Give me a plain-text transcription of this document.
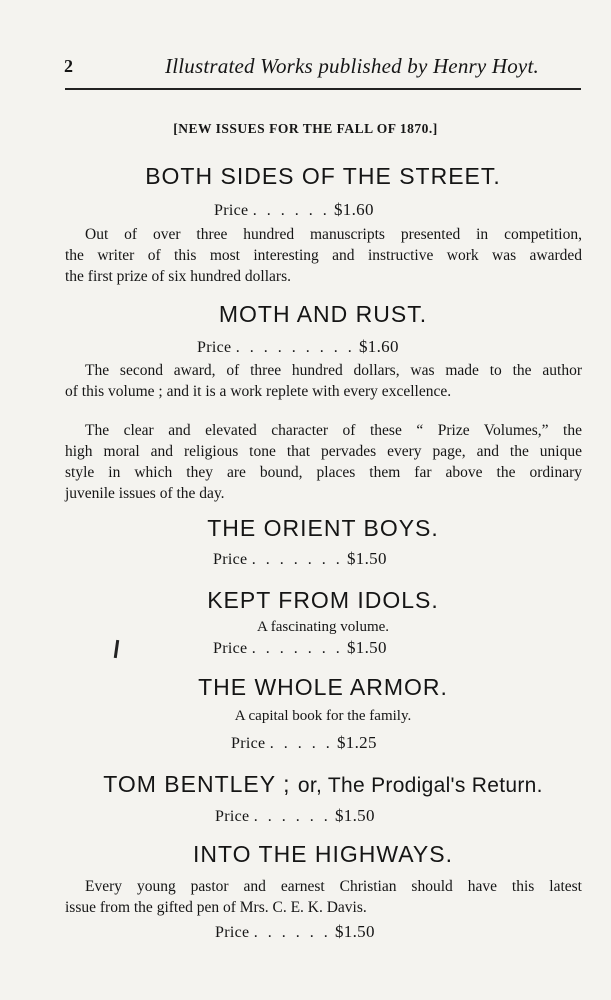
2	Illustrated Works published by Henry Hoyt.
[NEW ISSUES FOR THE FALL OF 1870.]
BOTH SIDES OF THE STREET.
Price . . . . . . $1.60
Out of over three hundred manuscripts presented in competition,
the writer of this most interesting and instructive work was awarded
the first prize of six hundred dollars.
MOTH AND RUST.
Price . . . . . . . . . $1.60
The second award, of three hundred dollars, was made to the author
of this volume ; and it is a work replete with every excellence.
The clear and elevated character of these “ Prize Volumes,” the
high moral and religious tone that pervades every page, and the unique
style in which they are bound, places them far above the ordinary
juvenile issues of the day.
THE ORIENT BOYS.
Price . . . . . . . $1.50
KEPT FROM IDOLS.
A fascinating volume.
Price . . . . . . . $1.50
THE WHOLE ARMOR.
A capital book for the family.
Price . . . . . $1.25
TOM BENTLEY ; or, The Prodigal's Return.
Price . . . . . . $1.50
INTO THE HIGHWAYS.
Every young pastor and earnest Christian should have this latest
issue from the gifted pen of Mrs. C. E. K. Davis.
Price . . . . . . $1.50
